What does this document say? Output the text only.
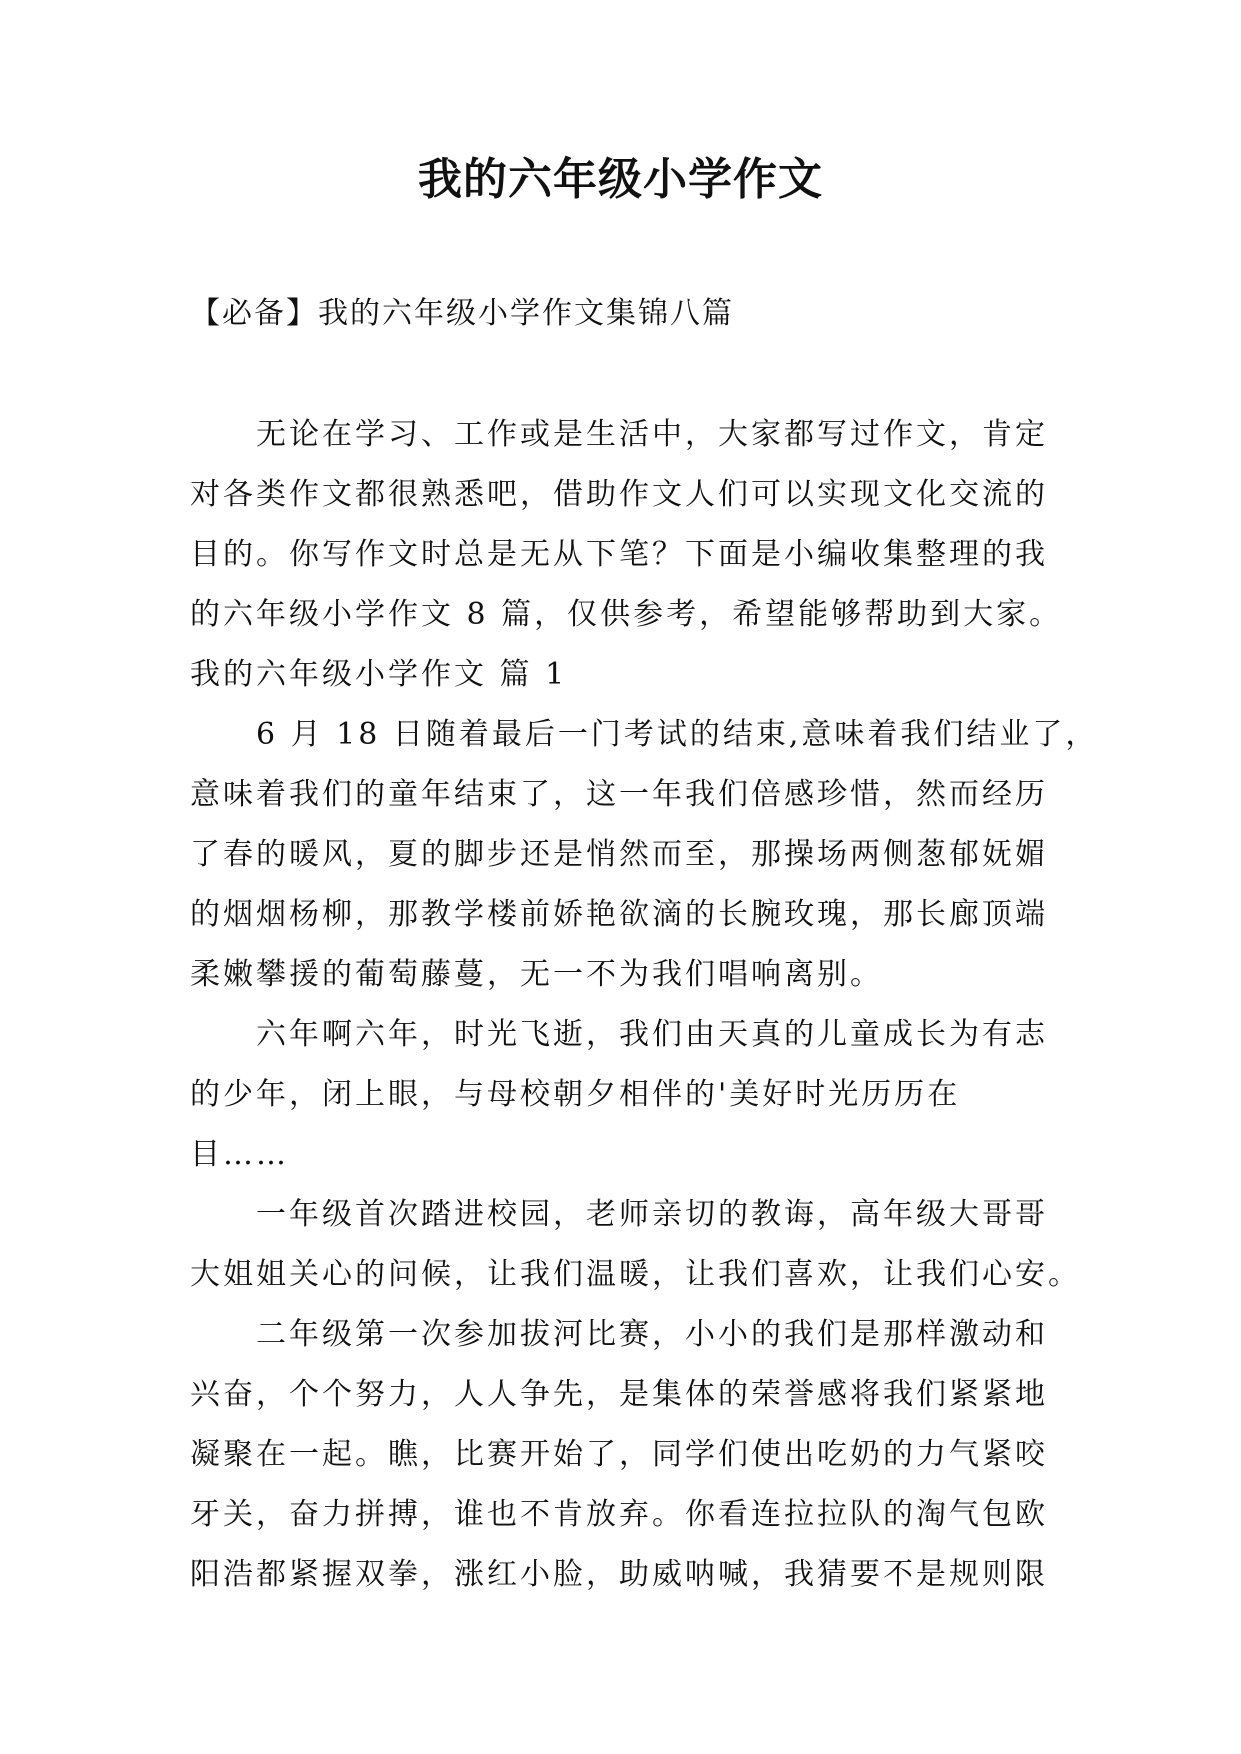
我的六年级小学作文
【必备】我的六年级小学作文集锦八篇
无论在学习、工作或是生活中，大家都写过作文，肯定
对各类作文都很熟悉吧，借助作文人们可以实现文化交流的
目的。你写作文时总是无从下笔？下面是小编收集整理的我
的六年级小学作文 8 篇，仅供参考，希望能够帮助到大家。
我的六年级小学作文 篇 1
6 月 18 日随着最后一门考试的结束,意味着我们结业了，
意味着我们的童年结束了，这一年我们倍感珍惜，然而经历
了春的暖风，夏的脚步还是悄然而至，那操场两侧葱郁妩媚
的烟烟杨柳，那教学楼前娇艳欲滴的长腕玫瑰，那长廊顶端
柔嫩攀援的葡萄藤蔓，无一不为我们唱响离别。
六年啊六年，时光飞逝，我们由天真的儿童成长为有志
的少年，闭上眼，与母校朝夕相伴的'美好时光历历在
目……
一年级首次踏进校园，老师亲切的教诲，高年级大哥哥
大姐姐关心的问候，让我们温暖，让我们喜欢，让我们心安。
二年级第一次参加拔河比赛，小小的我们是那样激动和
兴奋，个个努力，人人争先，是集体的荣誉感将我们紧紧地
凝聚在一起。瞧，比赛开始了，同学们使出吃奶的力气紧咬
牙关，奋力拼搏，谁也不肯放弃。你看连拉拉队的淘气包欧
阳浩都紧握双拳，涨红小脸，助威呐喊，我猜要不是规则限
